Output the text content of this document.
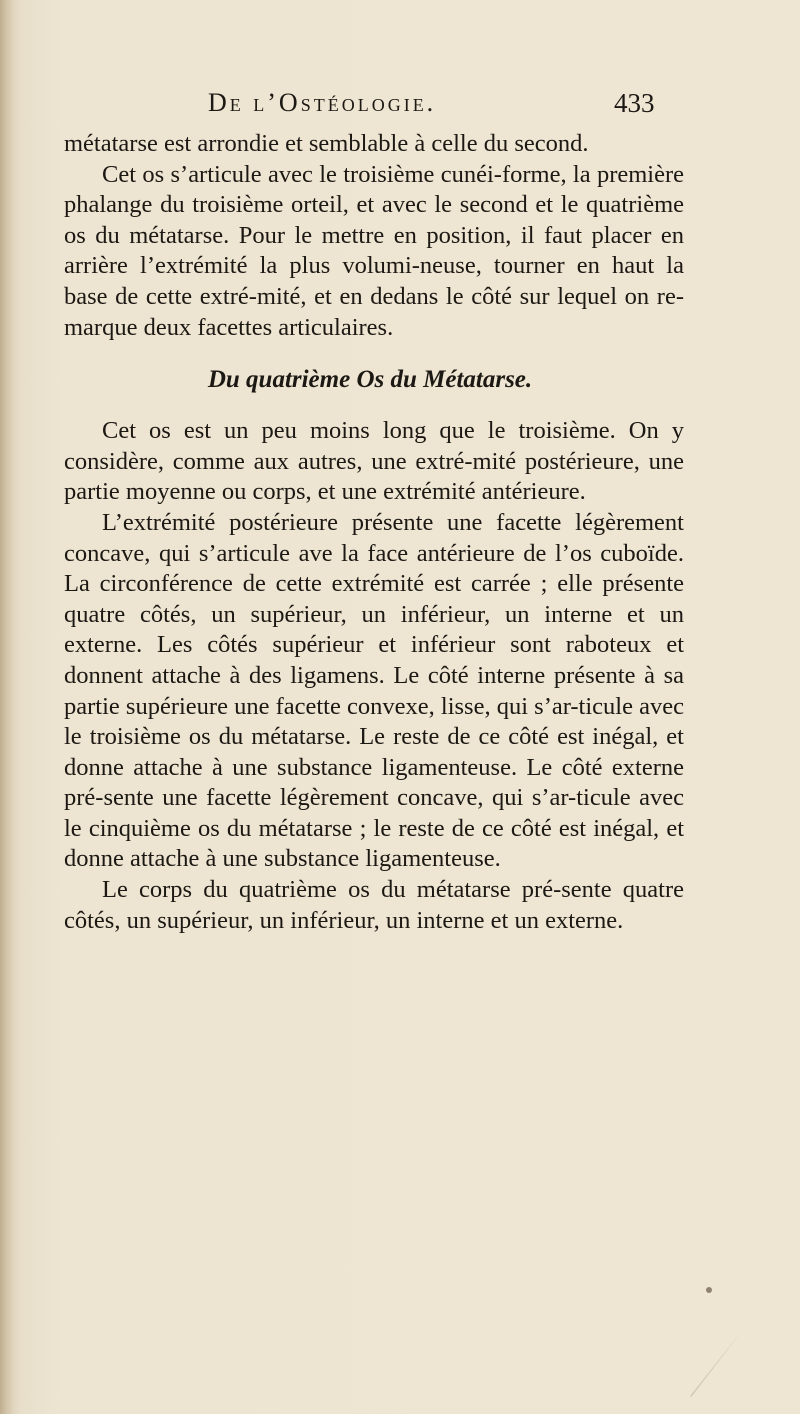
De l’Ostéologie.	433

métatarse est arrondie et semblable à celle du second.

Cet os s’articule avec le troisième cunéi-forme, la première phalange du troisième orteil, et avec le second et le quatrième os du métatarse. Pour le mettre en position, il faut placer en arrière l’extrémité la plus volumi-neuse, tourner en haut la base de cette extré-mité, et en dedans le côté sur lequel on re-marque deux facettes articulaires.

Du quatrième Os du Métatarse.

Cet os est un peu moins long que le troisième. On y considère, comme aux autres, une extré-mité postérieure, une partie moyenne ou corps, et une extrémité antérieure.

L’extrémité postérieure présente une facette légèrement concave, qui s’articule ave la face antérieure de l’os cuboïde. La circonférence de cette extrémité est carrée ; elle présente quatre côtés, un supérieur, un inférieur, un interne et un externe. Les côtés supérieur et inférieur sont raboteux et donnent attache à des ligamens. Le côté interne présente à sa partie supérieure une facette convexe, lisse, qui s’ar-ticule avec le troisième os du métatarse. Le reste de ce côté est inégal, et donne attache à une substance ligamenteuse. Le côté externe pré-sente une facette légèrement concave, qui s’ar-ticule avec le cinquième os du métatarse ; le reste de ce côté est inégal, et donne attache à une substance ligamenteuse.

Le corps du quatrième os du métatarse pré-sente quatre côtés, un supérieur, un inférieur, un interne et un externe.
